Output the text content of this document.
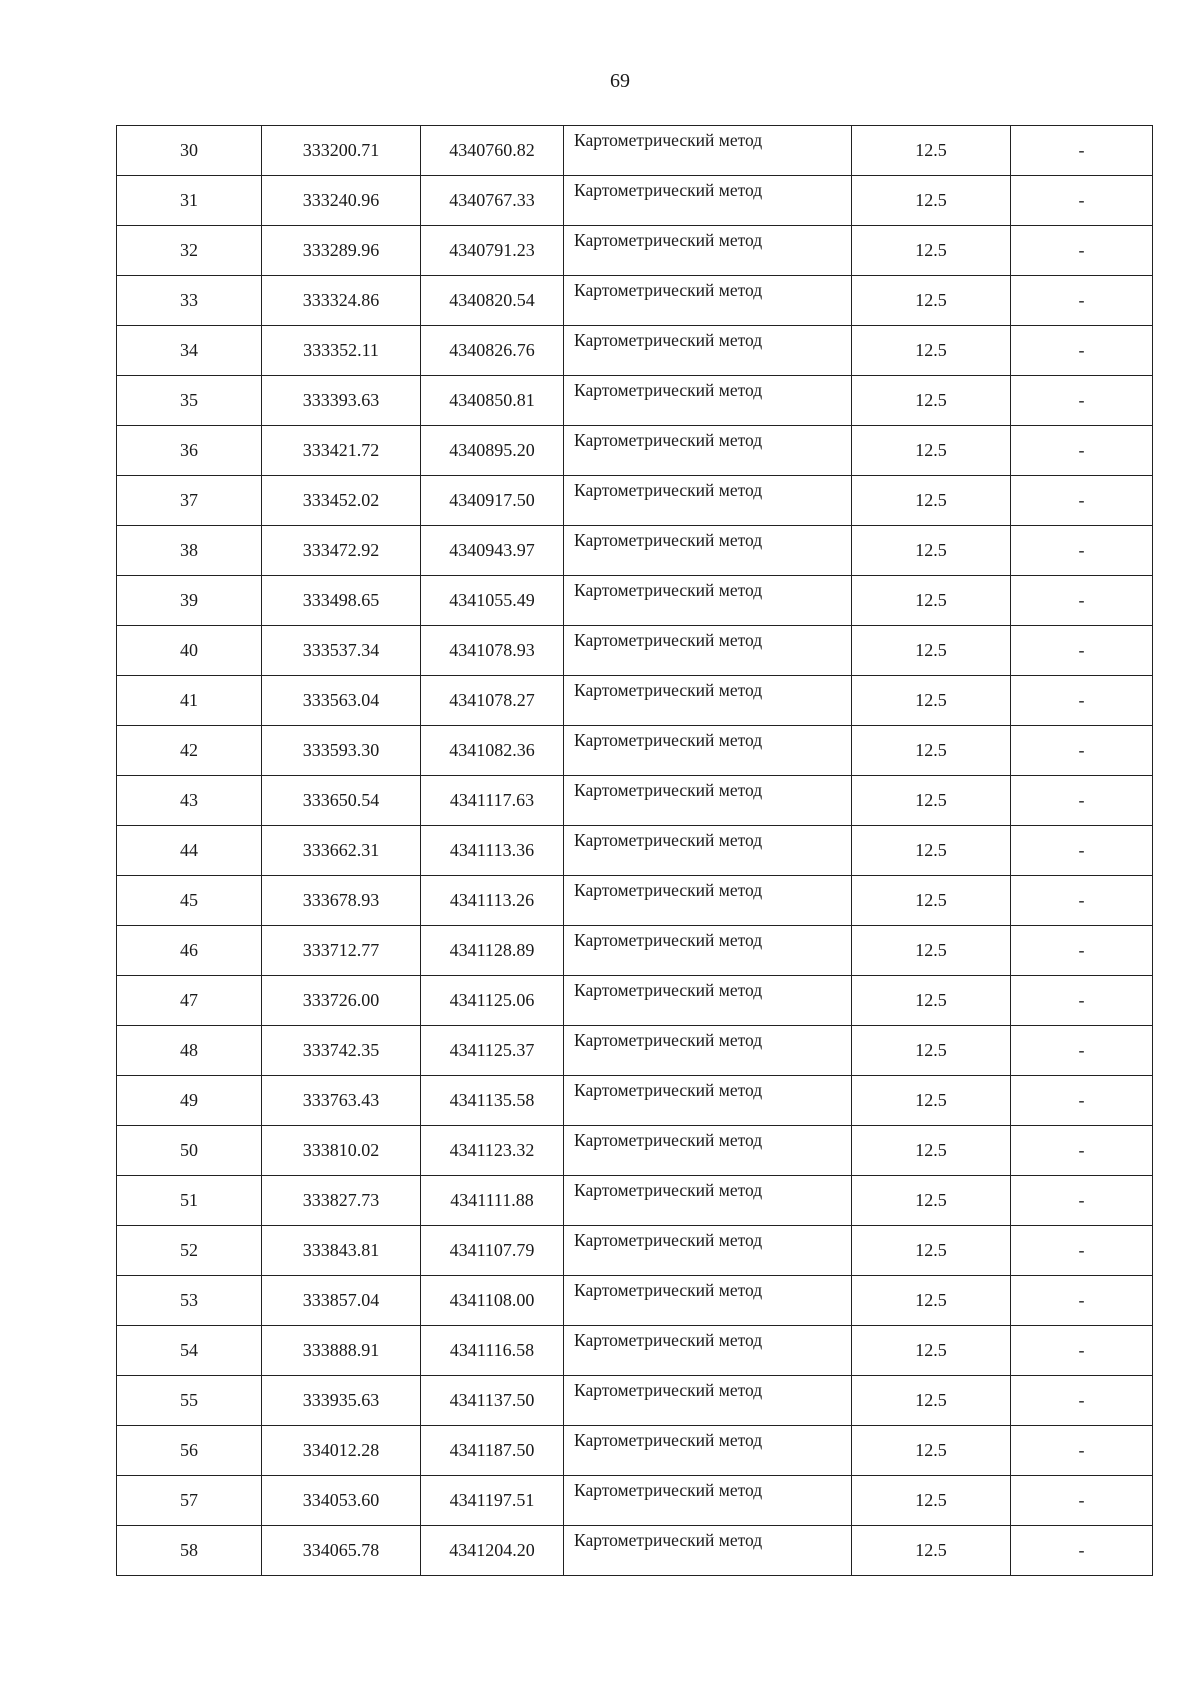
69
30	333200.71	4340760.82	Картометрический метод	12.5	-
31	333240.96	4340767.33	Картометрический метод	12.5	-
32	333289.96	4340791.23	Картометрический метод	12.5	-
33	333324.86	4340820.54	Картометрический метод	12.5	-
34	333352.11	4340826.76	Картометрический метод	12.5	-
35	333393.63	4340850.81	Картометрический метод	12.5	-
36	333421.72	4340895.20	Картометрический метод	12.5	-
37	333452.02	4340917.50	Картометрический метод	12.5	-
38	333472.92	4340943.97	Картометрический метод	12.5	-
39	333498.65	4341055.49	Картометрический метод	12.5	-
40	333537.34	4341078.93	Картометрический метод	12.5	-
41	333563.04	4341078.27	Картометрический метод	12.5	-
42	333593.30	4341082.36	Картометрический метод	12.5	-
43	333650.54	4341117.63	Картометрический метод	12.5	-
44	333662.31	4341113.36	Картометрический метод	12.5	-
45	333678.93	4341113.26	Картометрический метод	12.5	-
46	333712.77	4341128.89	Картометрический метод	12.5	-
47	333726.00	4341125.06	Картометрический метод	12.5	-
48	333742.35	4341125.37	Картометрический метод	12.5	-
49	333763.43	4341135.58	Картометрический метод	12.5	-
50	333810.02	4341123.32	Картометрический метод	12.5	-
51	333827.73	4341111.88	Картометрический метод	12.5	-
52	333843.81	4341107.79	Картометрический метод	12.5	-
53	333857.04	4341108.00	Картометрический метод	12.5	-
54	333888.91	4341116.58	Картометрический метод	12.5	-
55	333935.63	4341137.50	Картометрический метод	12.5	-
56	334012.28	4341187.50	Картометрический метод	12.5	-
57	334053.60	4341197.51	Картометрический метод	12.5	-
58	334065.78	4341204.20	Картометрический метод	12.5	-
